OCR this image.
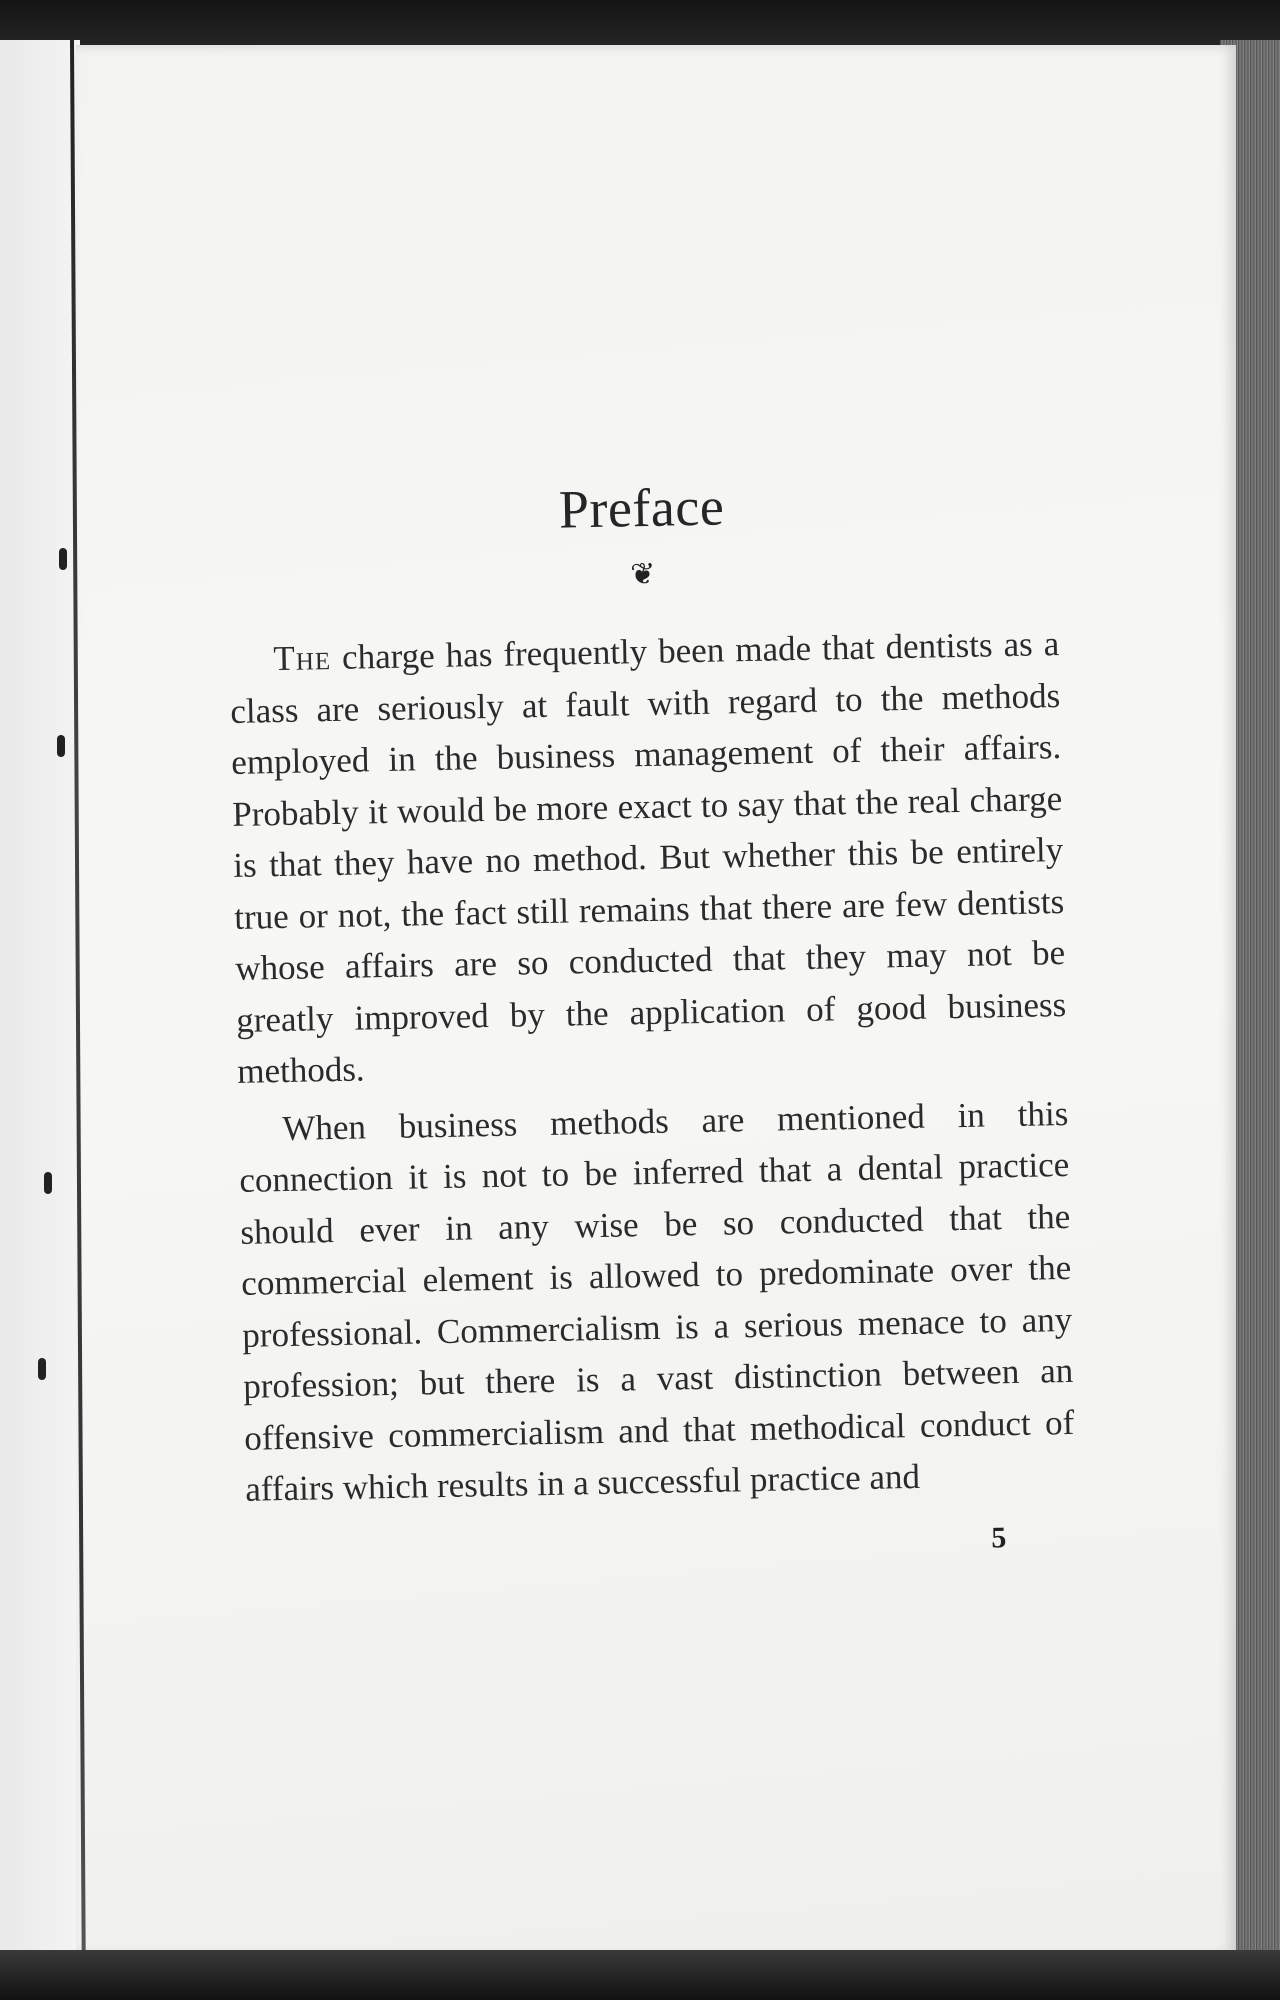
Preface
❦

The charge has frequently been made that dentists as a class are seriously at fault with regard to the methods employed in the business management of their affairs. Probably it would be more exact to say that the real charge is that they have no method. But whether this be entirely true or not, the fact still remains that there are few dentists whose affairs are so conducted that they may not be greatly improved by the application of good business methods.

When business methods are mentioned in this connection it is not to be inferred that a dental practice should ever in any wise be so conducted that the commercial element is allowed to predominate over the professional. Commercialism is a serious menace to any profession; but there is a vast distinction between an offensive commercialism and that methodical conduct of affairs which results in a successful practice and

5
